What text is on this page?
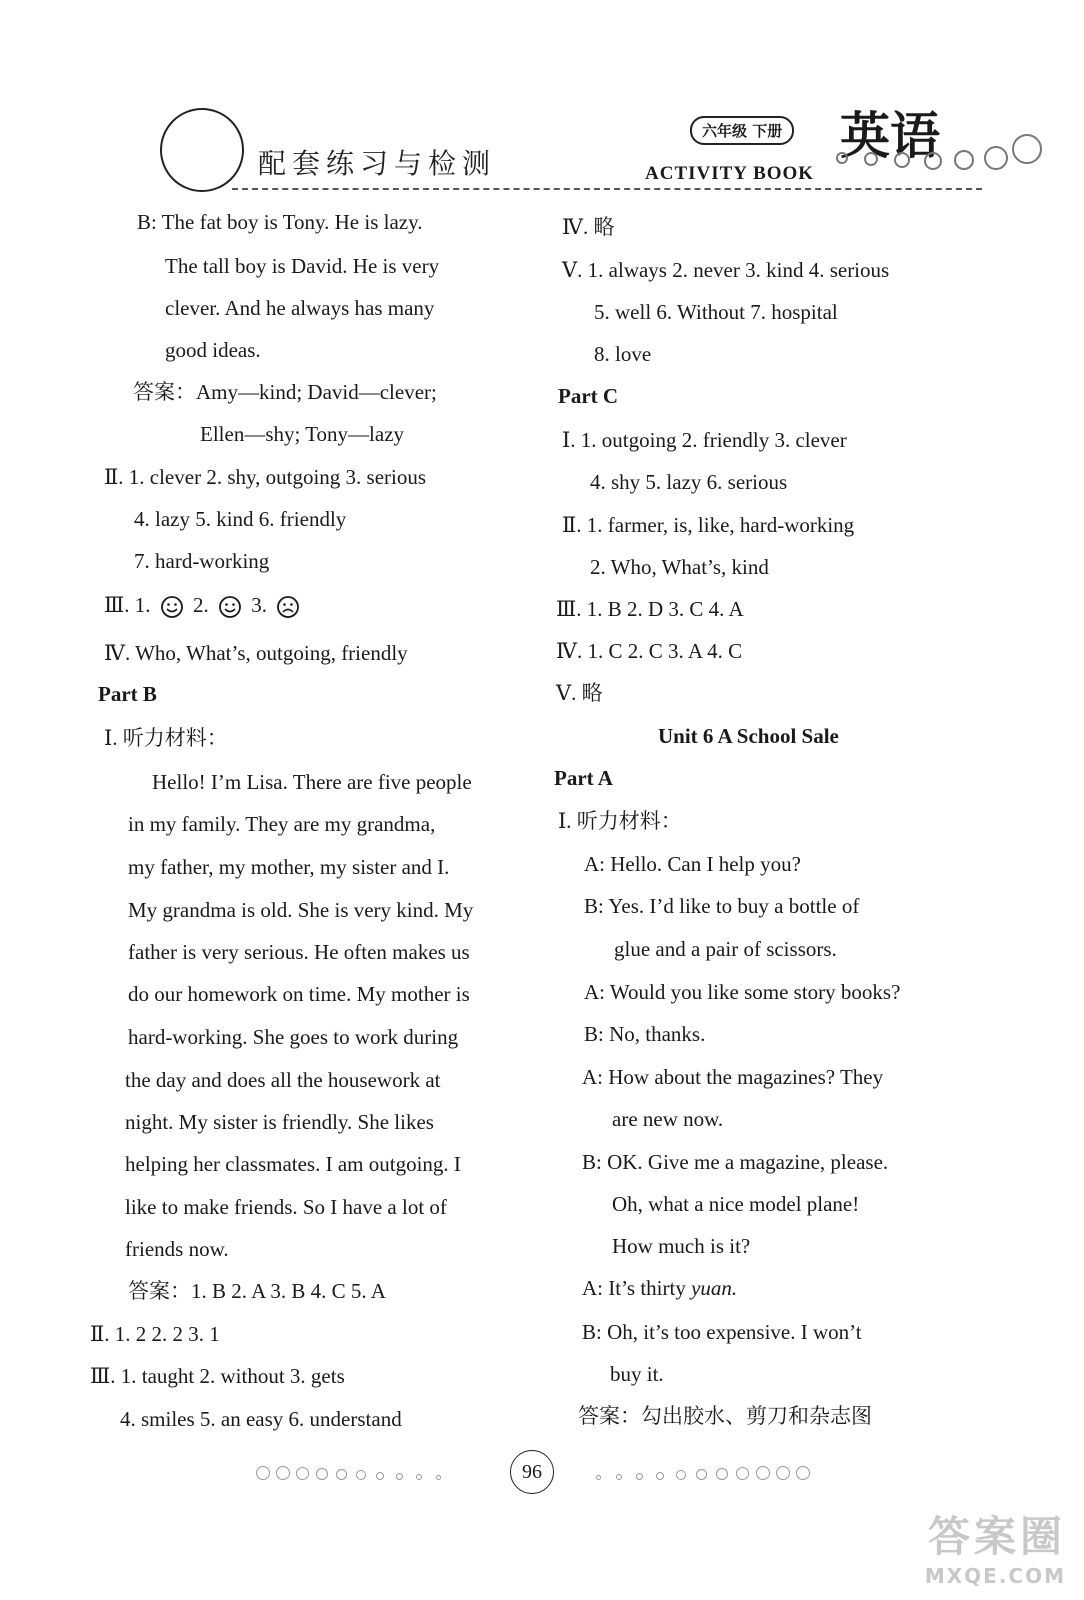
配套练习与检测
六年级 下册 英语
ACTIVITY BOOK
B: The fat boy is Tony. He is lazy.
The tall boy is David. He is very
clever. And he always has many
good ideas.
答案：Amy—kind; David—clever;
Ellen—shy; Tony—lazy
Ⅱ. 1. clever 2. shy, outgoing 3. serious
4. lazy 5. kind 6. friendly
7. hard-working
Ⅲ. 1. 2. 3.
Ⅳ. Who, What’s, outgoing, friendly
Part B
Ⅰ. 听力材料：
Hello! I’m Lisa. There are five people
in my family. They are my grandma,
my father, my mother, my sister and I.
My grandma is old. She is very kind. My
father is very serious. He often makes us
do our homework on time. My mother is
hard-working. She goes to work during
the day and does all the housework at
night. My sister is friendly. She likes
helping her classmates. I am outgoing. I
like to make friends. So I have a lot of
friends now.
答案：1. B 2. A 3. B 4. C 5. A
Ⅱ. 1. 2 2. 2 3. 1
Ⅲ. 1. taught 2. without 3. gets
4. smiles 5. an easy 6. understand
Ⅳ. 略
Ⅴ. 1. always 2. never 3. kind 4. serious
5. well 6. Without 7. hospital
8. love
Part C
Ⅰ. 1. outgoing 2. friendly 3. clever
4. shy 5. lazy 6. serious
Ⅱ. 1. farmer, is, like, hard-working
2. Who, What’s, kind
Ⅲ. 1. B 2. D 3. C 4. A
Ⅳ. 1. C 2. C 3. A 4. C
Ⅴ. 略
Unit 6 A School Sale
Part A
Ⅰ. 听力材料：
A: Hello. Can I help you?
B: Yes. I’d like to buy a bottle of
glue and a pair of scissors.
A: Would you like some story books?
B: No, thanks.
A: How about the magazines? They
are new now.
B: OK. Give me a magazine, please.
Oh, what a nice model plane!
How much is it?
A: It’s thirty yuan.
B: Oh, it’s too expensive. I won’t
buy it.
答案：勾出胶水、剪刀和杂志图
96
答案圈
MXQE.COM
